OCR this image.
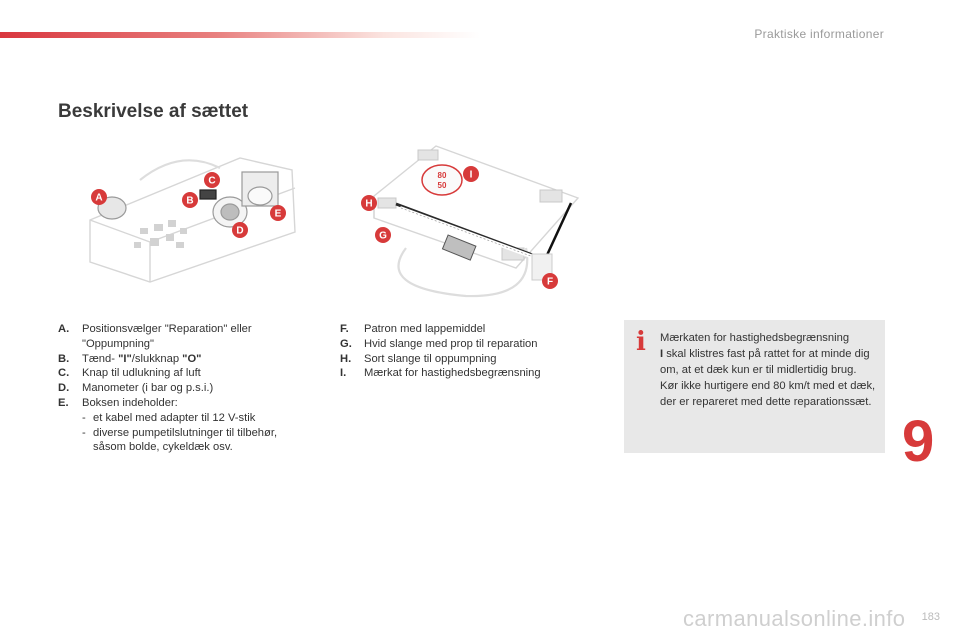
Praktiske informationer
Beskrivelse af sættet
A	B
C
D
E
80
50
F
G
H
I
A.	Positionsvælger "Reparation" eller "Oppumpning"
B.	Tænd- "I"/slukknap "O"
C.	Knap til udlukning af luft
D.	Manometer (i bar og p.s.i.)
E.	Boksen indeholder:
- et kabel med adapter til 12 V-stik
- diverse pumpetilslutninger til tilbehør, såsom bolde, cykeldæk osv.
F.	Patron med lappemiddel
G.	Hvid slange med prop til reparation
H.	Sort slange til oppumpning
I.	Mærkat for hastighedsbegrænsning
i Mærkaten for hastighedsbegrænsning
I skal klistres fast på rattet for at minde dig om, at et dæk kun er til midlertidig brug.
Kør ikke hurtigere end 80 km/t med et dæk, der er repareret med dette reparationssæt.
9
carmanualsonline.info 183
